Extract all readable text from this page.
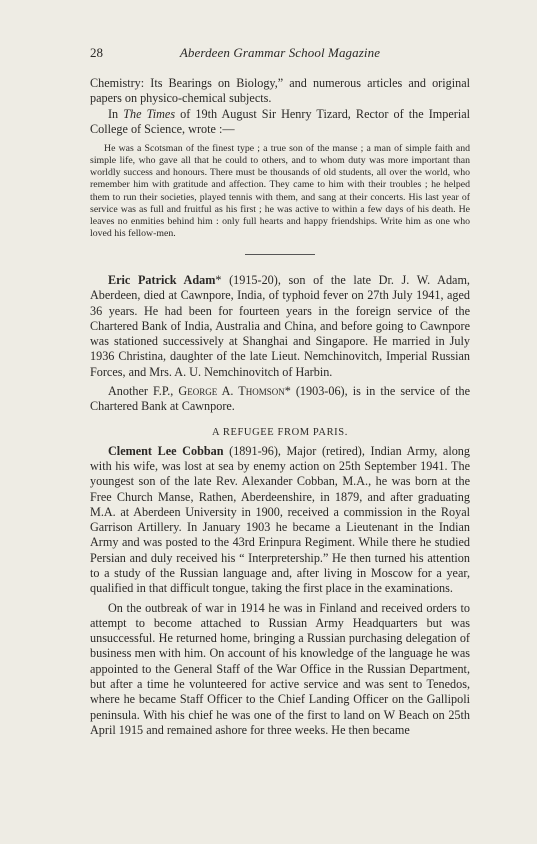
28	Aberdeen Grammar School Magazine

Chemistry: Its Bearings on Biology,” and numerous articles and original papers on physico-chemical subjects.

In The Times of 19th August Sir Henry Tizard, Rector of the Imperial College of Science, wrote :—

He was a Scotsman of the finest type ; a true son of the manse ; a man of simple faith and simple life, who gave all that he could to others, and to whom duty was more important than worldly success and honours. There must be thousands of old students, all over the world, who remember him with gratitude and affection. They came to him with their troubles ; he helped them to run their societies, played tennis with them, and sang at their concerts. His last year of service was as full and fruitful as his first ; he was active to within a few days of his death. He leaves no enmities behind him : only full hearts and happy friendships. Write him as one who loved his fellow-men.

Eric Patrick Adam* (1915-20), son of the late Dr. J. W. Adam, Aberdeen, died at Cawnpore, India, of typhoid fever on 27th July 1941, aged 36 years. He had been for fourteen years in the foreign service of the Chartered Bank of India, Australia and China, and before going to Cawnpore was stationed successively at Shanghai and Singapore. He married in July 1936 Christina, daughter of the late Lieut. Nemchinovitch, Imperial Russian Forces, and Mrs. A. U. Nemchinovitch of Harbin.

Another F.P., George A. Thomson* (1903-06), is in the service of the Chartered Bank at Cawnpore.

A REFUGEE FROM PARIS.

Clement Lee Cobban (1891-96), Major (retired), Indian Army, along with his wife, was lost at sea by enemy action on 25th September 1941. The youngest son of the late Rev. Alexander Cobban, M.A., he was born at the Free Church Manse, Rathen, Aberdeenshire, in 1879, and after graduating M.A. at Aberdeen University in 1900, received a commission in the Royal Garrison Artillery. In January 1903 he became a Lieutenant in the Indian Army and was posted to the 43rd Erinpura Regiment. While there he studied Persian and duly received his “ Interpretership.” He then turned his attention to a study of the Russian language and, after living in Moscow for a year, qualified in that difficult tongue, taking the first place in the examinations.

On the outbreak of war in 1914 he was in Finland and received orders to attempt to become attached to Russian Army Headquarters but was unsuccessful. He returned home, bringing a Russian purchasing delegation of business men with him. On account of his knowledge of the language he was appointed to the General Staff of the War Office in the Russian Department, but after a time he volunteered for active service and was sent to Tenedos, where he became Staff Officer to the Chief Landing Officer on the Gallipoli peninsula. With his chief he was one of the first to land on W Beach on 25th April 1915 and remained ashore for three weeks. He then became
